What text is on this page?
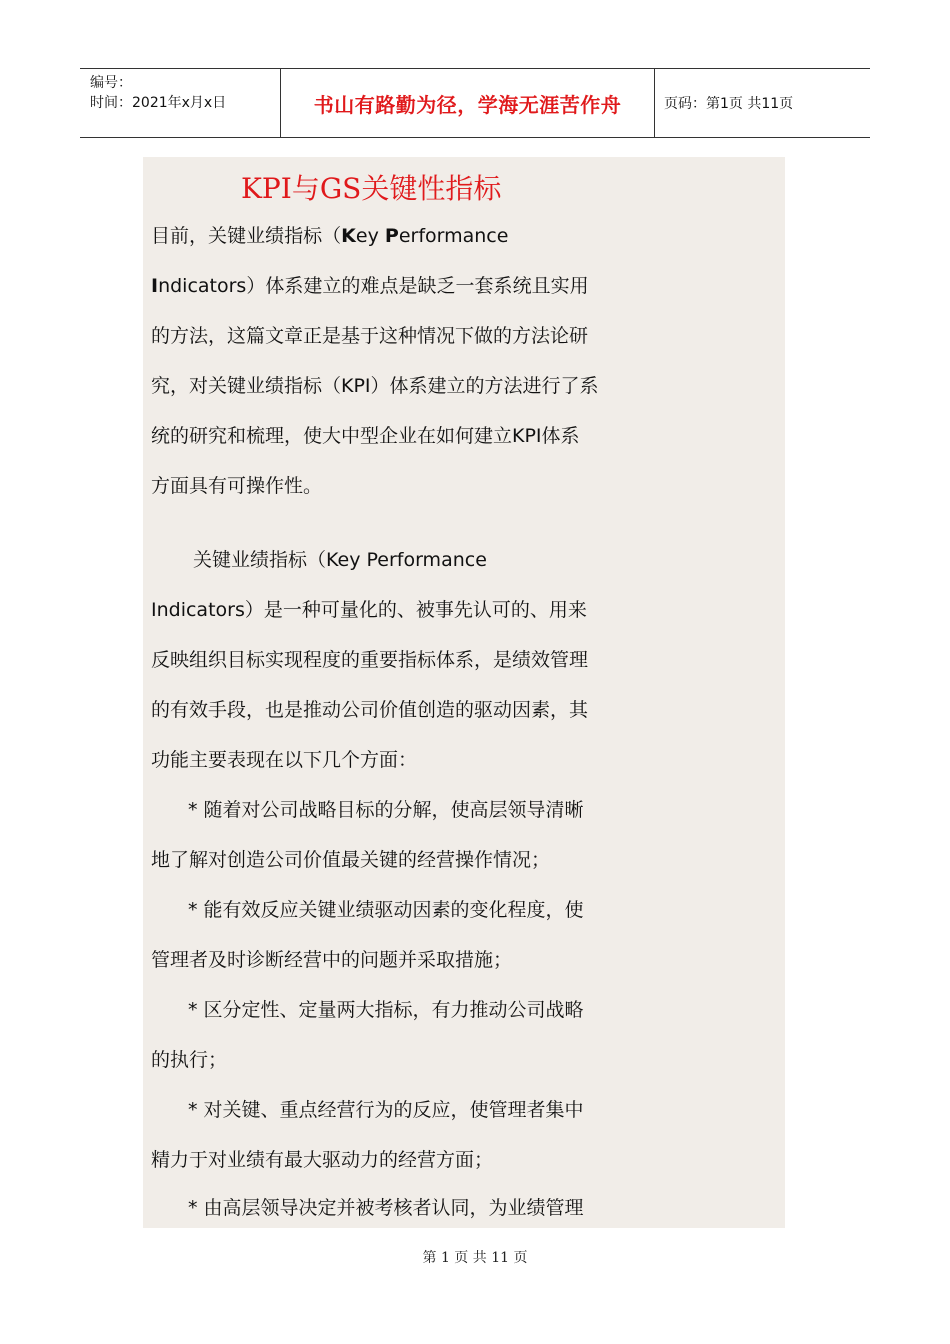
编号：
时间：2021年x月x日	书山有路勤为径，学海无涯苦作舟	页码：第1页 共11页
KPI与GS关键性指标
目前，关键业绩指标（Key Performance
Indicators）体系建立的难点是缺乏一套系统且实用
的方法，这篇文章正是基于这种情况下做的方法论研
究，对关键业绩指标（KPI）体系建立的方法进行了系
统的研究和梳理，使大中型企业在如何建立KPI体系
方面具有可操作性。
关键业绩指标（Key Performance
Indicators）是一种可量化的、被事先认可的、用来
反映组织目标实现程度的重要指标体系，是绩效管理
的有效手段，也是推动公司价值创造的驱动因素，其
功能主要表现在以下几个方面：
* 随着对公司战略目标的分解，使高层领导清晰
地了解对创造公司价值最关键的经营操作情况；
* 能有效反应关键业绩驱动因素的变化程度，使
管理者及时诊断经营中的问题并采取措施；
* 区分定性、定量两大指标，有力推动公司战略
的执行；
* 对关键、重点经营行为的反应，使管理者集中
精力于对业绩有最大驱动力的经营方面；
* 由高层领导决定并被考核者认同，为业绩管理
第 1 页 共 11 页
